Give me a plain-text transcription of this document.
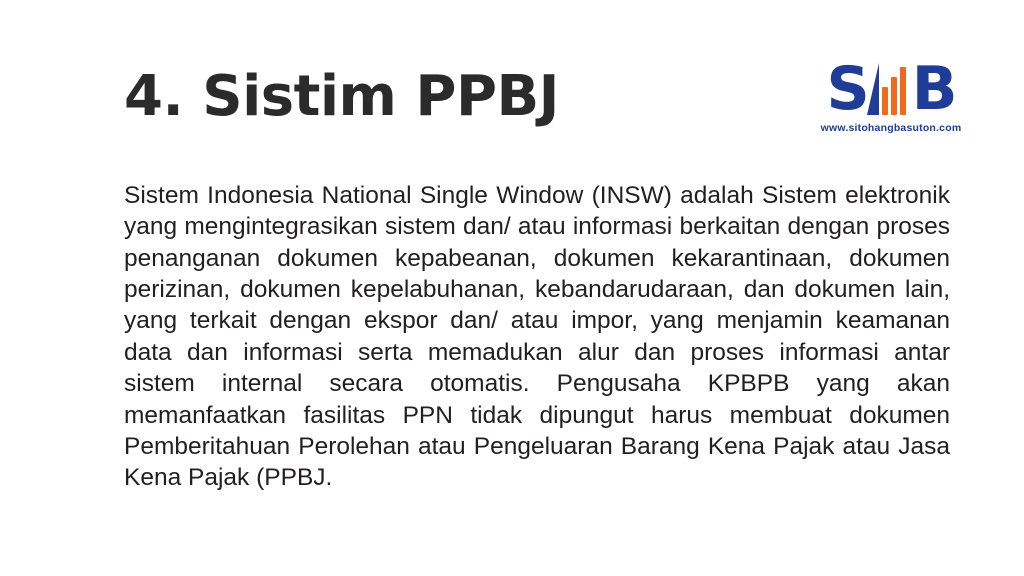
S B
www.sitohangbasuton.com
4. Sistim PPBJ

Sistem Indonesia National Single Window (INSW) adalah Sistem elektronik yang mengintegrasikan sistem dan/ atau informasi berkaitan dengan proses penanganan dokumen kepabeanan, dokumen kekarantinaan, dokumen perizinan, dokumen kepelabuhanan, kebandarudaraan, dan dokumen lain, yang terkait dengan ekspor dan/ atau impor, yang menjamin keamanan data dan informasi serta memadukan alur dan proses informasi antar sistem internal secara otomatis. Pengusaha KPBPB yang akan memanfaatkan fasilitas PPN tidak dipungut harus membuat dokumen Pemberitahuan Perolehan atau Pengeluaran Barang Kena Pajak atau Jasa Kena Pajak (PPBJ.
